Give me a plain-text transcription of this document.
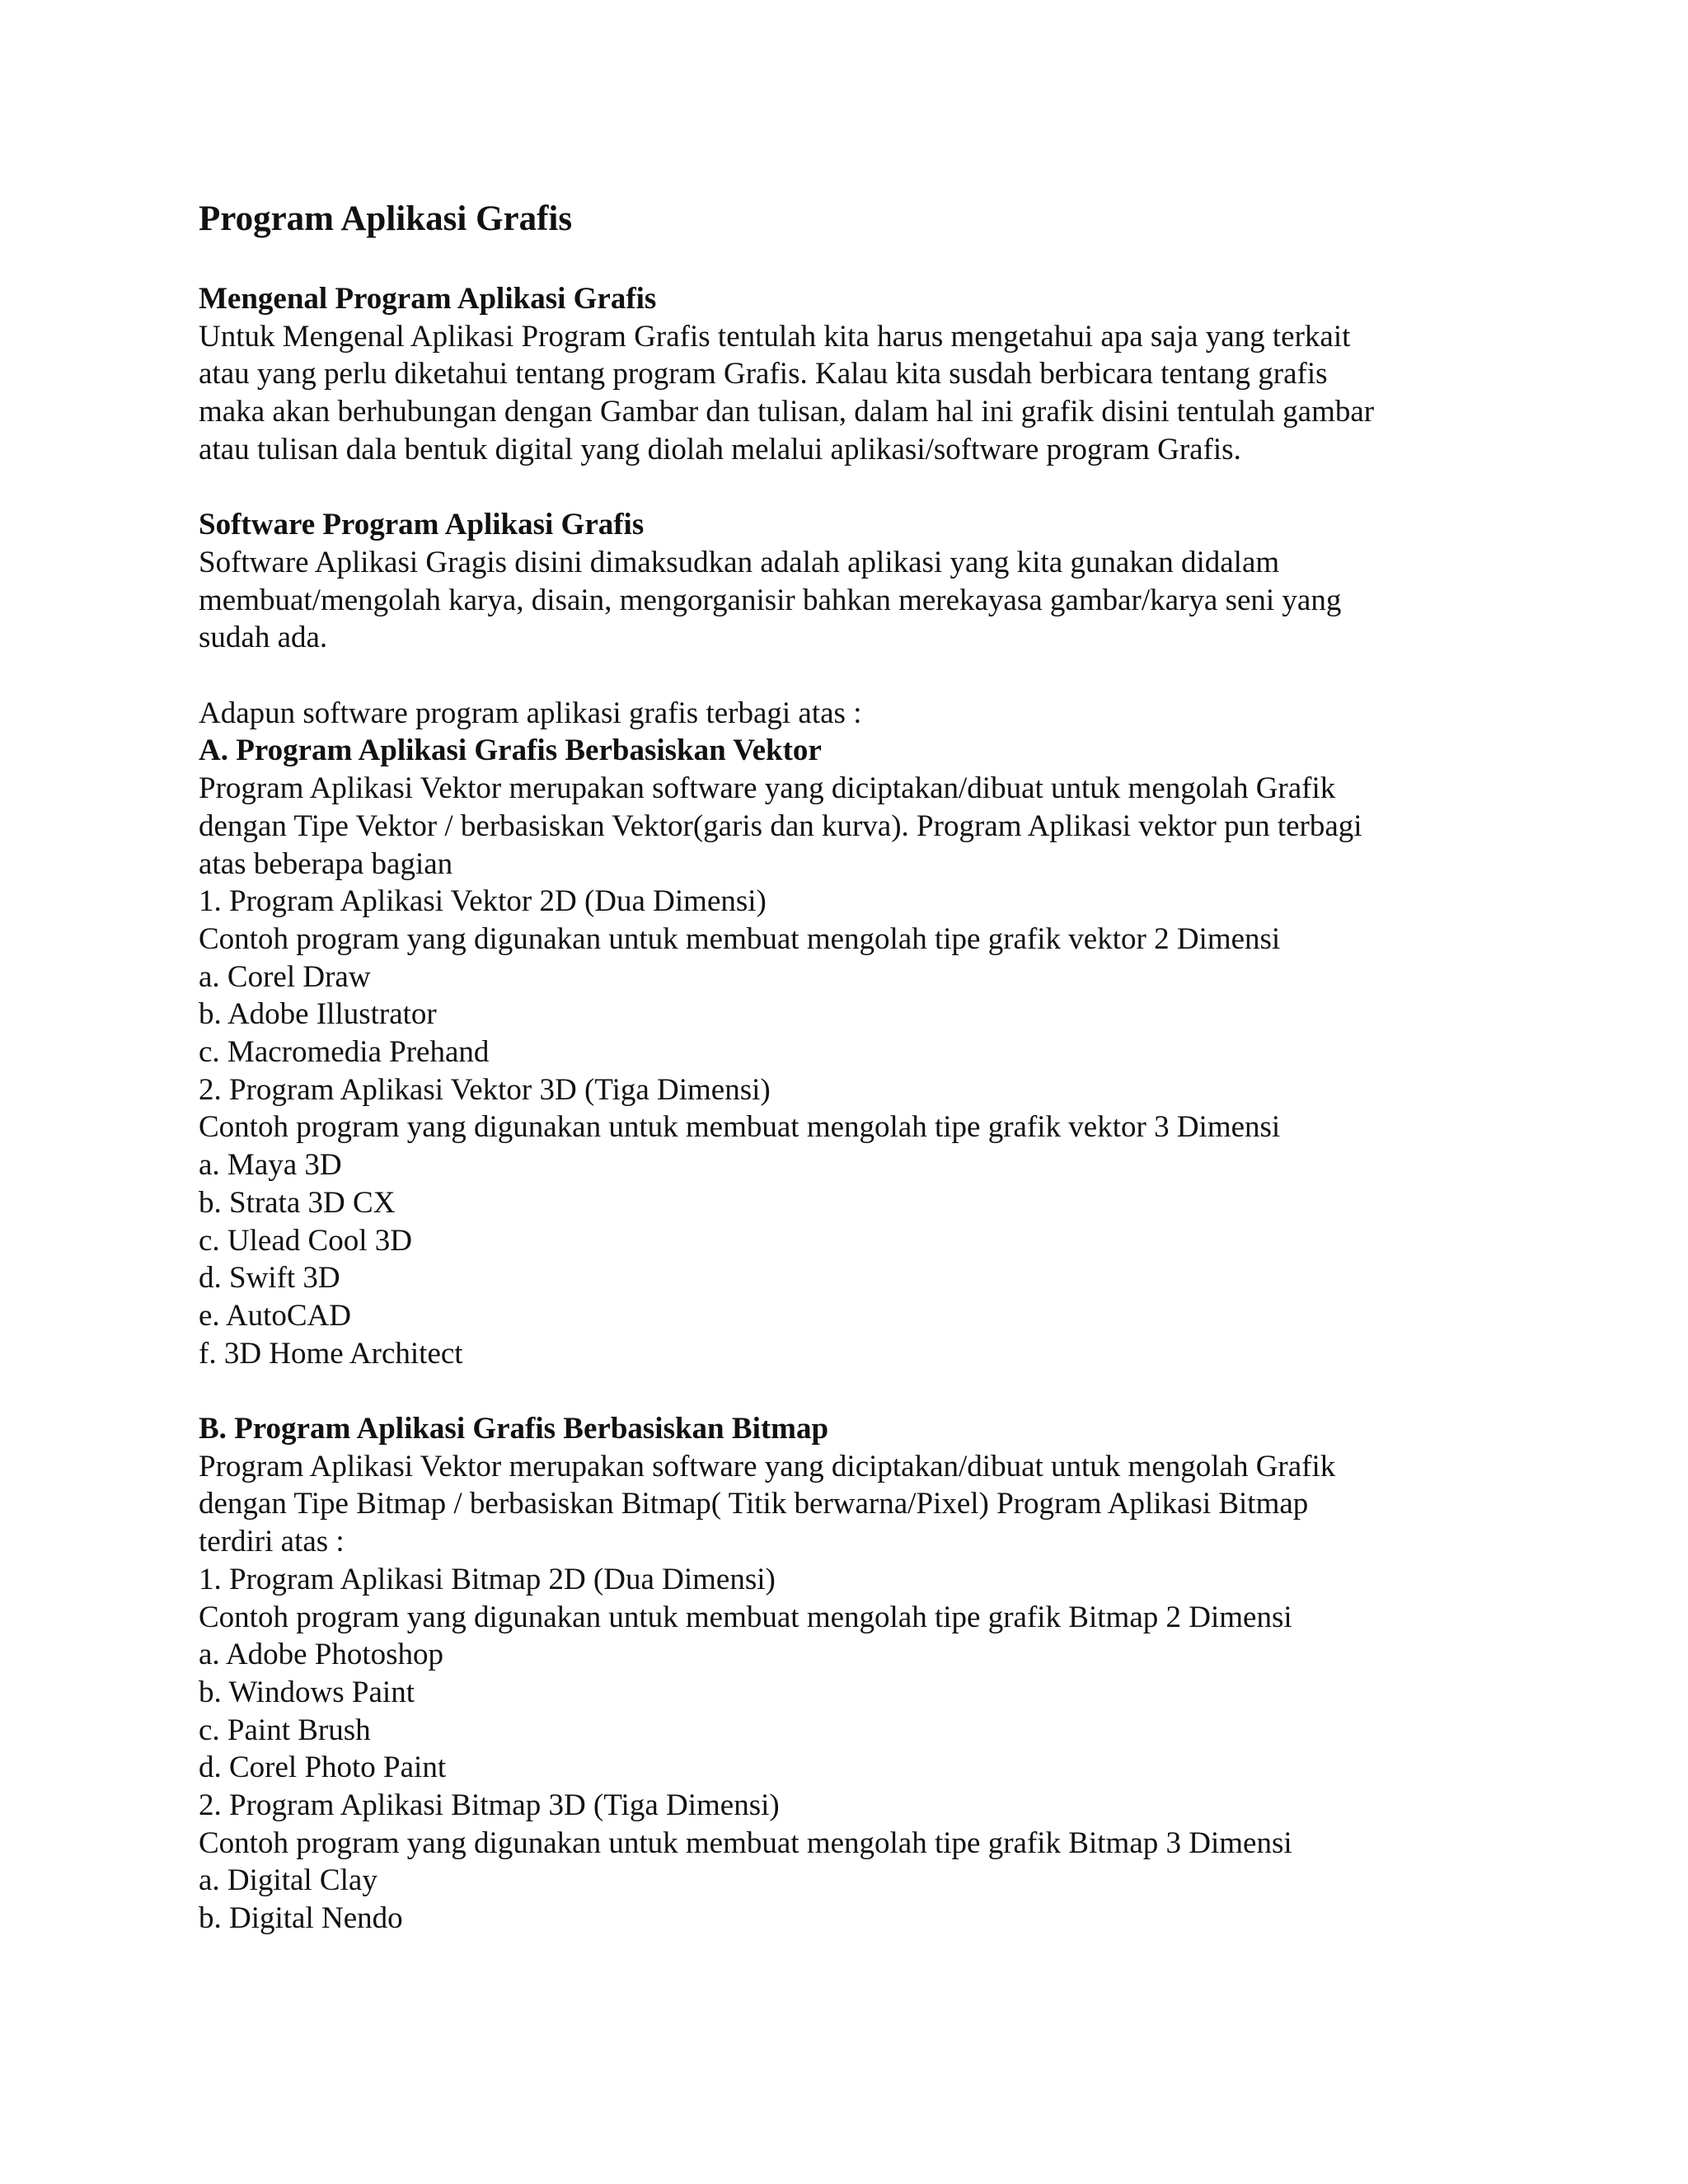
Program Aplikasi Grafis
Mengenal Program Aplikasi Grafis
Untuk Mengenal Aplikasi Program Grafis tentulah kita harus mengetahui apa saja yang terkait
atau yang perlu diketahui tentang program Grafis. Kalau kita susdah berbicara tentang grafis
maka akan berhubungan dengan Gambar dan tulisan, dalam hal ini grafik disini tentulah gambar
atau tulisan dala bentuk digital yang diolah melalui aplikasi/software program Grafis.
Software Program Aplikasi Grafis
Software Aplikasi Gragis disini dimaksudkan adalah aplikasi yang kita gunakan didalam
membuat/mengolah karya, disain, mengorganisir bahkan merekayasa gambar/karya seni yang
sudah ada.
Adapun software program aplikasi grafis terbagi atas :
A. Program Aplikasi Grafis Berbasiskan Vektor
Program Aplikasi Vektor merupakan software yang diciptakan/dibuat untuk mengolah Grafik
dengan Tipe Vektor / berbasiskan Vektor(garis dan kurva). Program Aplikasi vektor pun terbagi
atas beberapa bagian
1. Program Aplikasi Vektor 2D (Dua Dimensi)
Contoh program yang digunakan untuk membuat mengolah tipe grafik vektor 2 Dimensi
a. Corel Draw
b. Adobe Illustrator
c. Macromedia Prehand
2. Program Aplikasi Vektor 3D (Tiga Dimensi)
Contoh program yang digunakan untuk membuat mengolah tipe grafik vektor 3 Dimensi
a. Maya 3D
b. Strata 3D CX
c. Ulead Cool 3D
d. Swift 3D
e. AutoCAD
f. 3D Home Architect
B. Program Aplikasi Grafis Berbasiskan Bitmap
Program Aplikasi Vektor merupakan software yang diciptakan/dibuat untuk mengolah Grafik
dengan Tipe Bitmap / berbasiskan Bitmap( Titik berwarna/Pixel) Program Aplikasi Bitmap
terdiri atas :
1. Program Aplikasi Bitmap 2D (Dua Dimensi)
Contoh program yang digunakan untuk membuat mengolah tipe grafik Bitmap 2 Dimensi
a. Adobe Photoshop
b. Windows Paint
c. Paint Brush
d. Corel Photo Paint
2. Program Aplikasi Bitmap 3D (Tiga Dimensi)
Contoh program yang digunakan untuk membuat mengolah tipe grafik Bitmap 3 Dimensi
a. Digital Clay
b. Digital Nendo
